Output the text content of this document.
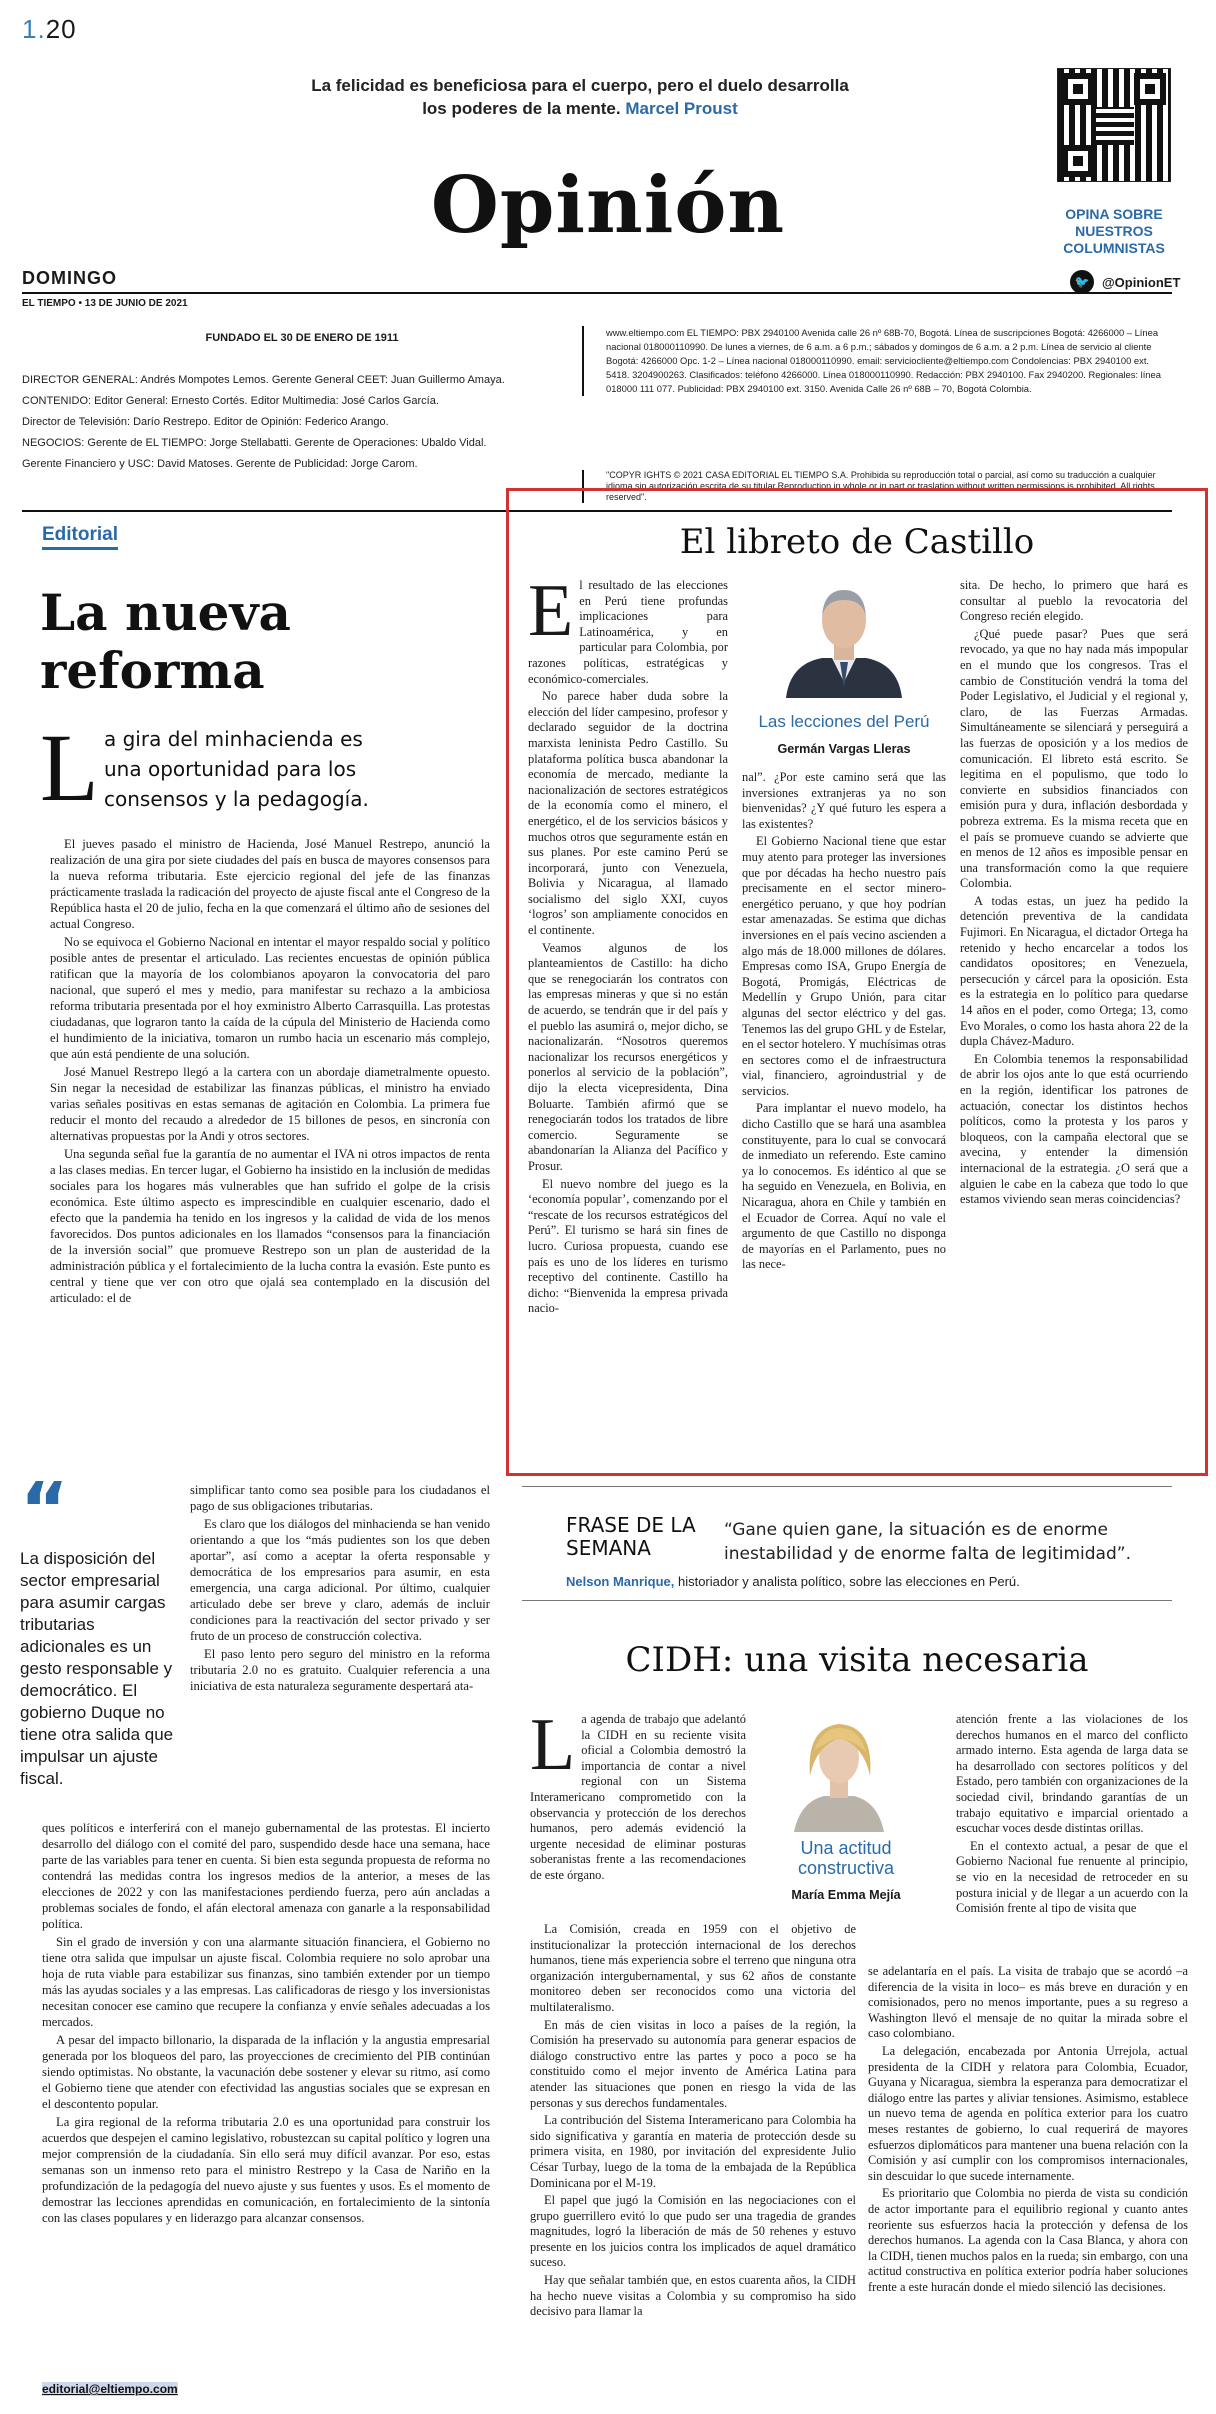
1.20
La felicidad es beneficiosa para el cuerpo, pero el duelo desarrolla los poderes de la mente. Marcel Proust
Opinión	OPINA SOBRE NUESTROS COLUMNISTAS
DOMINGO	🐦 @OpinionET
EL TIEMPO • 13 DE JUNIO DE 2021
FUNDADO EL 30 DE ENERO DE 1911
DIRECTOR GENERAL: Andrés Mompotes Lemos. Gerente General CEET: Juan Guillermo Amaya.
CONTENIDO: Editor General: Ernesto Cortés. Editor Multimedia: José Carlos García.
Director de Televisión: Darío Restrepo. Editor de Opinión: Federico Arango.
NEGOCIOS: Gerente de EL TIEMPO: Jorge Stellabatti. Gerente de Operaciones: Ubaldo Vidal.
Gerente Financiero y USC: David Matoses. Gerente de Publicidad: Jorge Carom.
www.eltiempo.com EL TIEMPO: PBX 2940100 Avenida calle 26 nº 68B-70, Bogotá. Línea de suscripciones Bogotá: 4266000 – Línea nacional 018000110990. De lunes a viernes, de 6 a.m. a 6 p.m.; sábados y domingos de 6 a.m. a 2 p.m. Línea de servicio al cliente Bogotá: 4266000 Opc. 1-2 – Línea nacional 018000110990. email: serviciocliente@eltiempo.com Condolencias: PBX 2940100 ext. 5418. 3204900263. Clasificados: teléfono 4266000. Línea 018000110990. Redacción: PBX 2940100. Fax 2940200. Regionales: línea 018000 111 077. Publicidad: PBX 2940100 ext. 3150. Avenida Calle 26 nº 68B – 70, Bogotá Colombia.
"COPYR IGHTS © 2021 CASA EDITORIAL EL TIEMPO S.A. Prohibida su reproducción total o parcial, así como su traducción a cualquier idioma sin autorización escrita de su titular.Reproduction in whole or in part or traslation without written permissions is prohibited. All rights reserved".
Editorial
La nueva reforma
L a gira del minhacienda es una oportunidad para los consensos y la pedagogía.

El jueves pasado el ministro de Hacienda, José Manuel Restrepo, anunció la realización de una gira por siete ciudades del país en busca de mayores consensos para la nueva reforma tributaria. Este ejercicio regional del jefe de las finanzas prácticamente traslada la radicación del proyecto de ajuste fiscal ante el Congreso de la República hasta el 20 de julio, fecha en la que comenzará el último año de sesiones del actual Congreso.

No se equivoca el Gobierno Nacional en intentar el mayor respaldo social y político posible antes de presentar el articulado. Las recientes encuestas de opinión pública ratifican que la mayoría de los colombianos apoyaron la convocatoria del paro nacional, que superó el mes y medio, para manifestar su rechazo a la ambiciosa reforma tributaria presentada por el hoy exministro Alberto Carrasquilla. Las protestas ciudadanas, que lograron tanto la caída de la cúpula del Ministerio de Hacienda como el hundimiento de la iniciativa, tomaron un rumbo hacia un escenario más complejo, que aún está pendiente de una solución.

José Manuel Restrepo llegó a la cartera con un abordaje diametralmente opuesto. Sin negar la necesidad de estabilizar las finanzas públicas, el ministro ha enviado varias señales positivas en estas semanas de agitación en Colombia. La primera fue reducir el monto del recaudo a alrededor de 15 billones de pesos, en sincronía con alternativas propuestas por la Andi y otros sectores.

Una segunda señal fue la garantía de no aumentar el IVA ni otros impactos de renta a las clases medias. En tercer lugar, el Gobierno ha insistido en la inclusión de medidas sociales para los hogares más vulnerables que han sufrido el golpe de la crisis económica. Este último aspecto es imprescindible en cualquier escenario, dado el efecto que la pandemia ha tenido en los ingresos y la calidad de vida de los menos favorecidos. Dos puntos adicionales en los llamados “consensos para la financiación de la inversión social” que promueve Restrepo son un plan de austeridad de la administración pública y el fortalecimiento de la lucha contra la evasión. Este punto es central y tiene que ver con otro que ojalá sea contemplado en la discusión del articulado: el de

“
La disposición del sector empresarial para asumir cargas tributarias adicionales es un gesto responsable y democrático. El gobierno Duque no tiene otra salida que impulsar un ajuste fiscal.

simplificar tanto como sea posible para los ciudadanos el pago de sus obligaciones tributarias.

Es claro que los diálogos del minhacienda se han venido orientando a que los “más pudientes son los que deben aportar”, así como a aceptar la oferta responsable y democrática de los empresarios para asumir, en esta emergencia, una carga adicional. Por último, cualquier articulado debe ser breve y claro, además de incluir condiciones para la reactivación del sector privado y ser fruto de un proceso de construcción colectiva.

El paso lento pero seguro del ministro en la reforma tributaria 2.0 no es gratuito. Cualquier referencia a una iniciativa de esta naturaleza seguramente despertará ata-

ques políticos e interferirá con el manejo gubernamental de las protestas. El incierto desarrollo del diálogo con el comité del paro, suspendido desde hace una semana, hace parte de las variables para tener en cuenta. Si bien esta segunda propuesta de reforma no contendrá las medidas contra los ingresos medios de la anterior, a meses de las elecciones de 2022 y con las manifestaciones perdiendo fuerza, pero aún ancladas a problemas sociales de fondo, el afán electoral amenaza con ganarle a la responsabilidad política.

Sin el grado de inversión y con una alarmante situación financiera, el Gobierno no tiene otra salida que impulsar un ajuste fiscal. Colombia requiere no solo aprobar una hoja de ruta viable para estabilizar sus finanzas, sino también extender por un tiempo más las ayudas sociales y a las empresas. Las calificadoras de riesgo y los inversionistas necesitan conocer ese camino que recupere la confianza y envíe señales adecuadas a los mercados.

A pesar del impacto billonario, la disparada de la inflación y la angustia empresarial generada por los bloqueos del paro, las proyecciones de crecimiento del PIB continúan siendo optimistas. No obstante, la vacunación debe sostener y elevar su ritmo, así como el Gobierno tiene que atender con efectividad las angustias sociales que se expresan en el descontento popular.

La gira regional de la reforma tributaria 2.0 es una oportunidad para construir los acuerdos que despejen el camino legislativo, robustezcan su capital político y logren una mejor comprensión de la ciudadanía. Sin ello será muy difícil avanzar. Por eso, estas semanas son un inmenso reto para el ministro Restrepo y la Casa de Nariño en la profundización de la pedagogía del nuevo ajuste y sus fuentes y usos. Es el momento de demostrar las lecciones aprendidas en comunicación, en fortalecimiento de la sintonía con las clases populares y en liderazgo para alcanzar consensos.

editorial@eltiempo.com
El libreto de Castillo

El resultado de las elecciones en Perú tiene profundas implicaciones para Latinoamérica, y en particular para Colombia, por razones políticas, estratégicas y económico-comerciales.

No parece haber duda sobre la elección del líder campesino, profesor y declarado seguidor de la doctrina marxista leninista Pedro Castillo. Su plataforma política busca abandonar la economía de mercado, mediante la nacionalización de sectores estratégicos de la economía como el minero, el energético, el de los servicios básicos y muchos otros que seguramente están en sus planes. Por este camino Perú se incorporará, junto con Venezuela, Bolivia y Nicaragua, al llamado socialismo del siglo XXI, cuyos ‘logros’ son ampliamente conocidos en el continente.

Veamos algunos de los planteamientos de Castillo: ha dicho que se renegociarán los contratos con las empresas mineras y que si no están de acuerdo, se tendrán que ir del país y el pueblo las asumirá o, mejor dicho, se nacionalizarán. “Nosotros queremos nacionalizar los recursos energéticos y ponerlos al servicio de la población”, dijo la electa vicepresidenta, Dina Boluarte. También afirmó que se renegociarán todos los tratados de libre comercio. Seguramente se abandonarían la Alianza del Pacífico y Prosur.

El nuevo nombre del juego es la ‘economía popular’, comenzando por el “rescate de los recursos estratégicos del Perú”. El turismo se hará sin fines de lucro. Curiosa propuesta, cuando ese país es uno de los líderes en turismo receptivo del continente. Castillo ha dicho: “Bienvenida la empresa privada nacio-

Las lecciones del Perú
Germán Vargas Lleras

nal”. ¿Por este camino será que las inversiones extranjeras ya no son bienvenidas? ¿Y qué futuro les espera a las existentes?

El Gobierno Nacional tiene que estar muy atento para proteger las inversiones que por décadas ha hecho nuestro país precisamente en el sector minero-energético peruano, y que hoy podrían estar amenazadas. Se estima que dichas inversiones en el país vecino ascienden a algo más de 18.000 millones de dólares. Empresas como ISA, Grupo Energía de Bogotá, Promigás, Eléctricas de Medellín y Grupo Unión, para citar algunas del sector eléctrico y del gas. Tenemos las del grupo GHL y de Estelar, en el sector hotelero. Y muchísimas otras en sectores como el de infraestructura vial, financiero, agroindustrial y de servicios.

Para implantar el nuevo modelo, ha dicho Castillo que se hará una asamblea constituyente, para lo cual se convocará de inmediato un referendo. Este camino ya lo conocemos. Es idéntico al que se ha seguido en Venezuela, en Bolivia, en Nicaragua, ahora en Chile y también en el Ecuador de Correa. Aquí no vale el argumento de que Castillo no disponga de mayorías en el Parlamento, pues no las nece-

sita. De hecho, lo primero que hará es consultar al pueblo la revocatoria del Congreso recién elegido.

¿Qué puede pasar? Pues que será revocado, ya que no hay nada más impopular en el mundo que los congresos. Tras el cambio de Constitución vendrá la toma del Poder Legislativo, el Judicial y el regional y, claro, de las Fuerzas Armadas. Simultáneamente se silenciará y perseguirá a las fuerzas de oposición y a los medios de comunicación. El libreto está escrito. Se legitima en el populismo, que todo lo convierte en subsidios financiados con emisión pura y dura, inflación desbordada y pobreza extrema. Es la misma receta que en el país se promueve cuando se advierte que en menos de 12 años es imposible pensar en una transformación como la que requiere Colombia.

A todas estas, un juez ha pedido la detención preventiva de la candidata Fujimori. En Nicaragua, el dictador Ortega ha retenido y hecho encarcelar a todos los candidatos opositores; en Venezuela, persecución y cárcel para la oposición. Esta es la estrategia en lo político para quedarse 14 años en el poder, como Ortega; 13, como Evo Morales, o como los hasta ahora 22 de la dupla Chávez-Maduro.

En Colombia tenemos la responsabilidad de abrir los ojos ante lo que está ocurriendo en la región, identificar los patrones de actuación, conectar los distintos hechos políticos, como la protesta y los paros y bloqueos, con la campaña electoral que se avecina, y entender la dimensión internacional de la estrategia. ¿O será que a alguien le cabe en la cabeza que todo lo que estamos viviendo sean meras coincidencias?

FRASE DE LA SEMANA
“Gane quien gane, la situación es de enorme inestabilidad y de enorme falta de legitimidad”.
Nelson Manrique, historiador y analista político, sobre las elecciones en Perú.
CIDH: una visita necesaria

La agenda de trabajo que adelantó la CIDH en su reciente visita oficial a Colombia demostró la importancia de contar a nivel regional con un Sistema Interamericano comprometido con la observancia y protección de los derechos humanos, pero además evidenció la urgente necesidad de eliminar posturas soberanistas frente a las recomendaciones de este órgano.

Una actitud constructiva
María Emma Mejía

La Comisión, creada en 1959 con el objetivo de institucionalizar la protección internacional de los derechos humanos, tiene más experiencia sobre el terreno que ninguna otra organización intergubernamental, y sus 62 años de constante monitoreo deben ser reconocidos como una victoria del multilateralismo.

En más de cien visitas in loco a países de la región, la Comisión ha preservado su autonomía para generar espacios de diálogo constructivo entre las partes y poco a poco se ha constituido como el mejor invento de América Latina para atender las situaciones que ponen en riesgo la vida de las personas y sus derechos fundamentales.

La contribución del Sistema Interamericano para Colombia ha sido significativa y garantía en materia de protección desde su primera visita, en 1980, por invitación del expresidente Julio César Turbay, luego de la toma de la embajada de la República Dominicana por el M-19.

El papel que jugó la Comisión en las negociaciones con el grupo guerrillero evitó lo que pudo ser una tragedia de grandes magnitudes, logró la liberación de más de 50 rehenes y estuvo presente en los juicios contra los implicados de aquel dramático suceso.

Hay que señalar también que, en estos cuarenta años, la CIDH ha hecho nueve visitas a Colombia y su compromiso ha sido decisivo para llamar la

atención frente a las violaciones de los derechos humanos en el marco del conflicto armado interno. Esta agenda de larga data se ha desarrollado con sectores políticos y del Estado, pero también con organizaciones de la sociedad civil, brindando garantías de un trabajo equitativo e imparcial orientado a escuchar voces desde distintas orillas.

En el contexto actual, a pesar de que el Gobierno Nacional fue renuente al principio, se vio en la necesidad de retroceder en su postura inicial y de llegar a un acuerdo con la Comisión frente al tipo de visita que

se adelantaría en el país. La visita de trabajo que se acordó –a diferencia de la visita in loco– es más breve en duración y en comisionados, pero no menos importante, pues a su regreso a Washington llevó el mensaje de no quitar la mirada sobre el caso colombiano.

La delegación, encabezada por Antonia Urrejola, actual presidenta de la CIDH y relatora para Colombia, Ecuador, Guyana y Nicaragua, siembra la esperanza para democratizar el diálogo entre las partes y aliviar tensiones. Asimismo, establece un nuevo tema de agenda en política exterior para los cuatro meses restantes de gobierno, lo cual requerirá de mayores esfuerzos diplomáticos para mantener una buena relación con la Comisión y así cumplir con los compromisos internacionales, sin descuidar lo que sucede internamente.

Es prioritario que Colombia no pierda de vista su condición de actor importante para el equilibrio regional y cuanto antes reoriente sus esfuerzos hacia la protección y defensa de los derechos humanos. La agenda con la Casa Blanca, y ahora con la CIDH, tienen muchos palos en la rueda; sin embargo, con una actitud constructiva en política exterior podría haber soluciones frente a este huracán donde el miedo silenció las decisiones.
